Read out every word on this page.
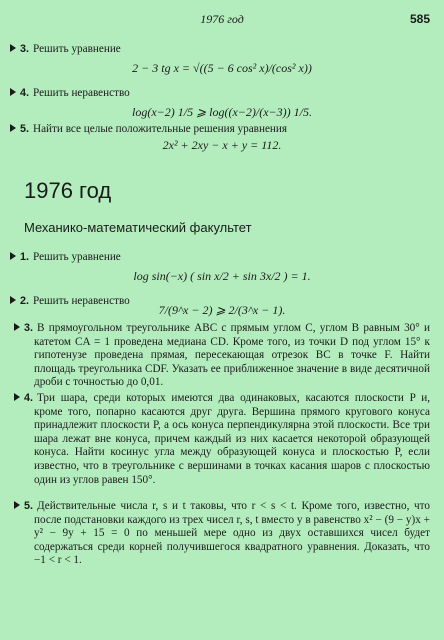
1976 год	585
3. Решить уравнение
2 − 3 tg x = √((5 − 6 cos² x)/(cos² x))
4. Решить неравенство
log(x−2) 1/5 ⩾ log((x−2)/(x−3)) 1/5.
5. Найти все целые положительные решения уравнения
2x² + 2xy − x + y = 112.
1976 год
Механико-математический факультет
1. Решить уравнение
log sin(−x) ( sin x/2 + sin 3x/2 ) = 1.
2. Решить неравенство
7/(9^x − 2) ⩾ 2/(3^x − 1).
3. В прямоугольном треугольнике ABC с прямым углом C, углом B равным 30° и катетом CA = 1 проведена медиана CD. Кроме того, из точки D под углом 15° к гипотенузе проведена прямая, пересекающая отрезок BC в точке F. Найти площадь треугольника CDF. Указать ее приближенное значение в виде десятичной дроби с точностью до 0,01.
4. Три шара, среди которых имеются два одинаковых, касаются плоскости P и, кроме того, попарно касаются друг друга. Вершина прямого кругового конуса принадлежит плоскости P, а ось конуса перпендикулярна этой плоскости. Все три шара лежат вне конуса, причем каждый из них касается некоторой образующей конуса. Найти косинус угла между образующей конуса и плоскостью P, если известно, что в треугольнике с вершинами в точках касания шаров с плоскостью один из углов равен 150°.
5. Действительные числа r, s и t таковы, что r < s < t. Кроме того, известно, что после подстановки каждого из трех чисел r, s, t вместо y в равенство x² − (9 − y)x + y² − 9y + 15 = 0 по меньшей мере одно из двух оставшихся чисел будет содержаться среди корней получившегося квадратного уравнения. Доказать, что −1 < r < 1.
